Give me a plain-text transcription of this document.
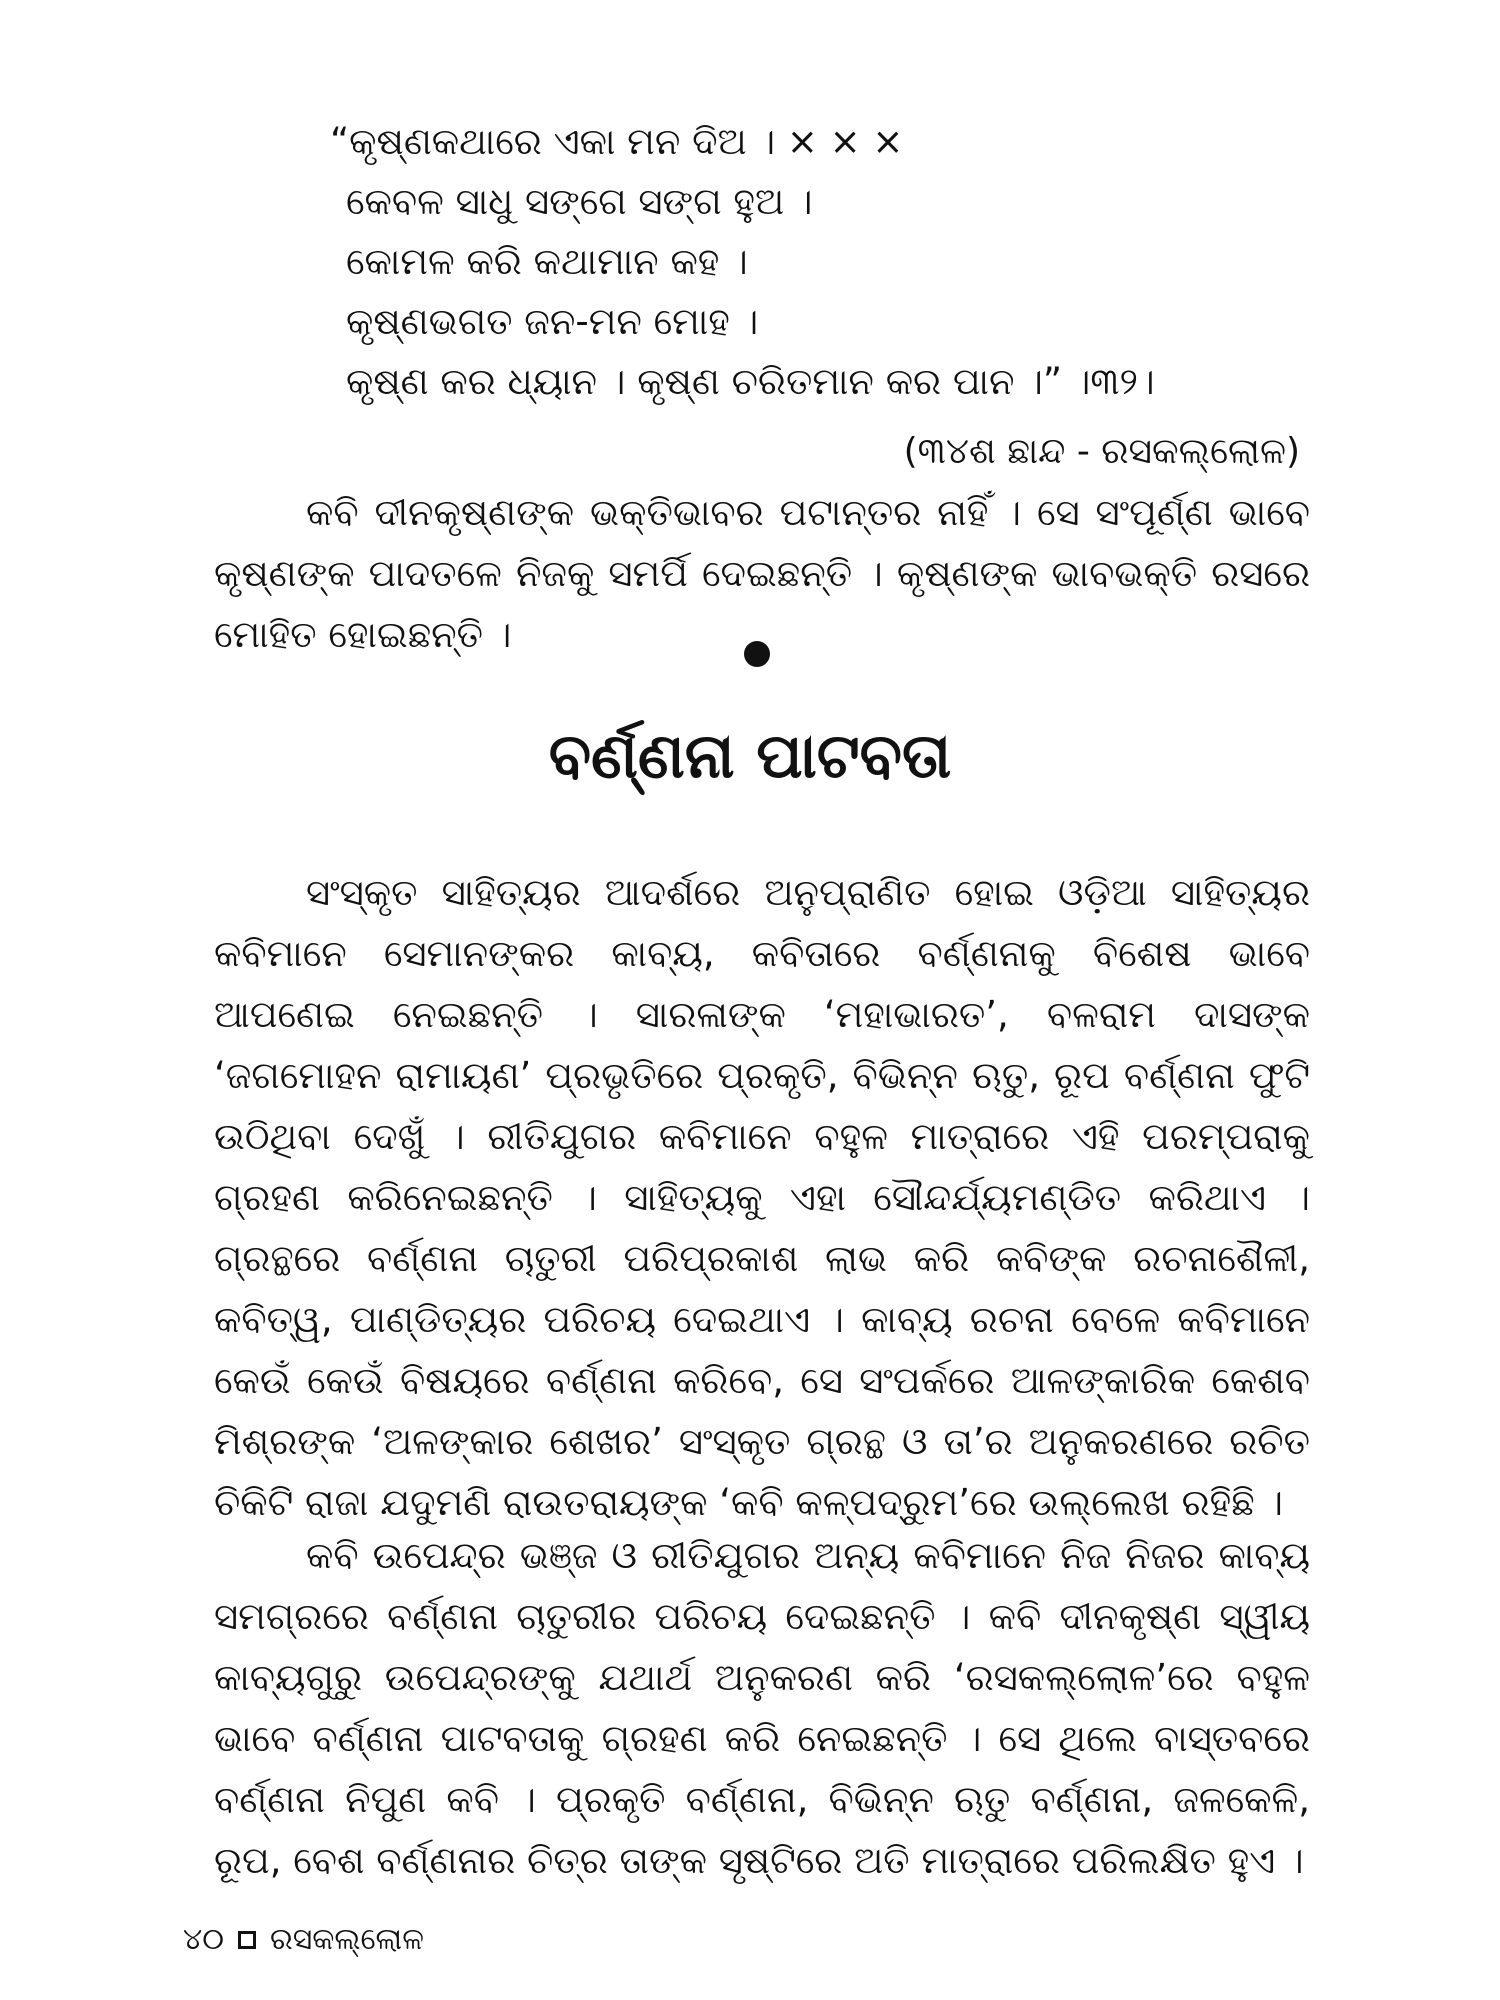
“କୃଷ୍ଣକଥାରେ ଏକା ମନ ଦିଅ । × × ×
କେବଳ ସାଧୁ ସଙ୍ଗେ ସଙ୍ଗ ହୁଅ ।
କୋମଳ କରି କଥାମାନ କହ ।
କୃଷ୍ଣଭଗତ ଜନ-ମନ ମୋହ ।
କୃଷ୍ଣ କର ଧ୍ୟାନ । କୃଷ୍ଣ ଚରିତମାନ କର ପାନ ।” ।୩୨।
(୩୪ଶ ଛାନ୍ଦ - ରସକଲ୍ଲୋଳ)

କବି ଦୀନକୃଷ୍ଣଙ୍କ ଭକ୍ତିଭାବର ପଟାନ୍ତର ନାହିଁ । ସେ ସଂପୂର୍ଣ୍ଣ ଭାବେ କୃଷ୍ଣଙ୍କ ପାଦତଳେ ନିଜକୁ ସମର୍ପି ଦେଇଛନ୍ତି । କୃଷ୍ଣଙ୍କ ଭାବଭକ୍ତି ରସରେ ମୋହିତ ହୋଇଛନ୍ତି ।

ବର୍ଣ୍ଣନା ପାଟବତା

ସଂସ୍କୃତ ସାହିତ୍ୟର ଆଦର୍ଶରେ ଅନୁପ୍ରାଣିତ ହୋଇ ଓଡ଼ିଆ ସାହିତ୍ୟର କବିମାନେ ସେମାନଙ୍କର କାବ୍ୟ, କବିତାରେ ବର୍ଣ୍ଣନାକୁ ବିଶେଷ ଭାବେ ଆପଣେଇ ନେଇଛନ୍ତି । ସାରଳାଙ୍କ ‘ମହାଭାରତ’, ବଳରାମ ଦାସଙ୍କ ‘ଜଗମୋହନ ରାମାୟଣ’ ପ୍ରଭୃତିରେ ପ୍ରକୃତି, ବିଭିନ୍ନ ଋତୁ, ରୂପ ବର୍ଣ୍ଣନା ଫୁଟି ଉଠିଥିବା ଦେଖୁଁ । ରୀତିଯୁଗର କବିମାନେ ବହୁଳ ମାତ୍ରାରେ ଏହି ପରମ୍ପରାକୁ ଗ୍ରହଣ କରିନେଇଛନ୍ତି । ସାହିତ୍ୟକୁ ଏହା ସୌନ୍ଦର୍ଯ୍ୟମଣ୍ଡିତ କରିଥାଏ । ଗ୍ରନ୍ଥରେ ବର୍ଣ୍ଣନା ଚାତୁରୀ ପରିପ୍ରକାଶ ଲାଭ କରି କବିଙ୍କ ରଚନାଶୈଳୀ, କବିତ୍ୱ, ପାଣ୍ଡିତ୍ୟର ପରିଚୟ ଦେଇଥାଏ । କାବ୍ୟ ରଚନା ବେଳେ କବିମାନେ କେଉଁ କେଉଁ ବିଷୟରେ ବର୍ଣ୍ଣନା କରିବେ, ସେ ସଂପର୍କରେ ଆଳଙ୍କାରିକ କେଶବ ମିଶ୍ରଙ୍କ ‘ଅଳଙ୍କାର ଶେଖର’ ସଂସ୍କୃତ ଗ୍ରନ୍ଥ ଓ ତା’ର ଅନୁକରଣରେ ରଚିତ ଚିକିଟି ରାଜା ଯଦୁମଣି ରାଉତରାୟଙ୍କ ‘କବି କଳ୍ପଦ୍ରୁମ’ରେ ଉଲ୍ଲେଖ ରହିଛି ।

କବି ଉପେନ୍ଦ୍ର ଭଞ୍ଜ ଓ ରୀତିଯୁଗର ଅନ୍ୟ କବିମାନେ ନିଜ ନିଜର କାବ୍ୟ ସମଗ୍ରରେ ବର୍ଣ୍ଣନା ଚାତୁରୀର ପରିଚୟ ଦେଇଛନ୍ତି । କବି ଦୀନକୃଷ୍ଣ ସ୍ୱୀୟ କାବ୍ୟଗୁରୁ ଉପେନ୍ଦ୍ରଙ୍କୁ ଯଥାର୍ଥ ଅନୁକରଣ କରି ‘ରସକଲ୍ଲୋଳ’ରେ ବହୁଳ ଭାବେ ବର୍ଣ୍ଣନା ପାଟବତାକୁ ଗ୍ରହଣ କରି ନେଇଛନ୍ତି । ସେ ଥିଲେ ବାସ୍ତବରେ ବର୍ଣ୍ଣନା ନିପୁଣ କବି । ପ୍ରକୃତି ବର୍ଣ୍ଣନା, ବିଭିନ୍ନ ଋତୁ ବର୍ଣ୍ଣନା, ଜଳକେଳି, ରୂପ, ବେଶ ବର୍ଣ୍ଣନାର ଚିତ୍ର ତାଙ୍କ ସୃଷ୍ଟିରେ ଅତି ମାତ୍ରାରେ ପରିଲକ୍ଷିତ ହୁଏ ।

୪୦ ରସକଲ୍ଲୋଳ
